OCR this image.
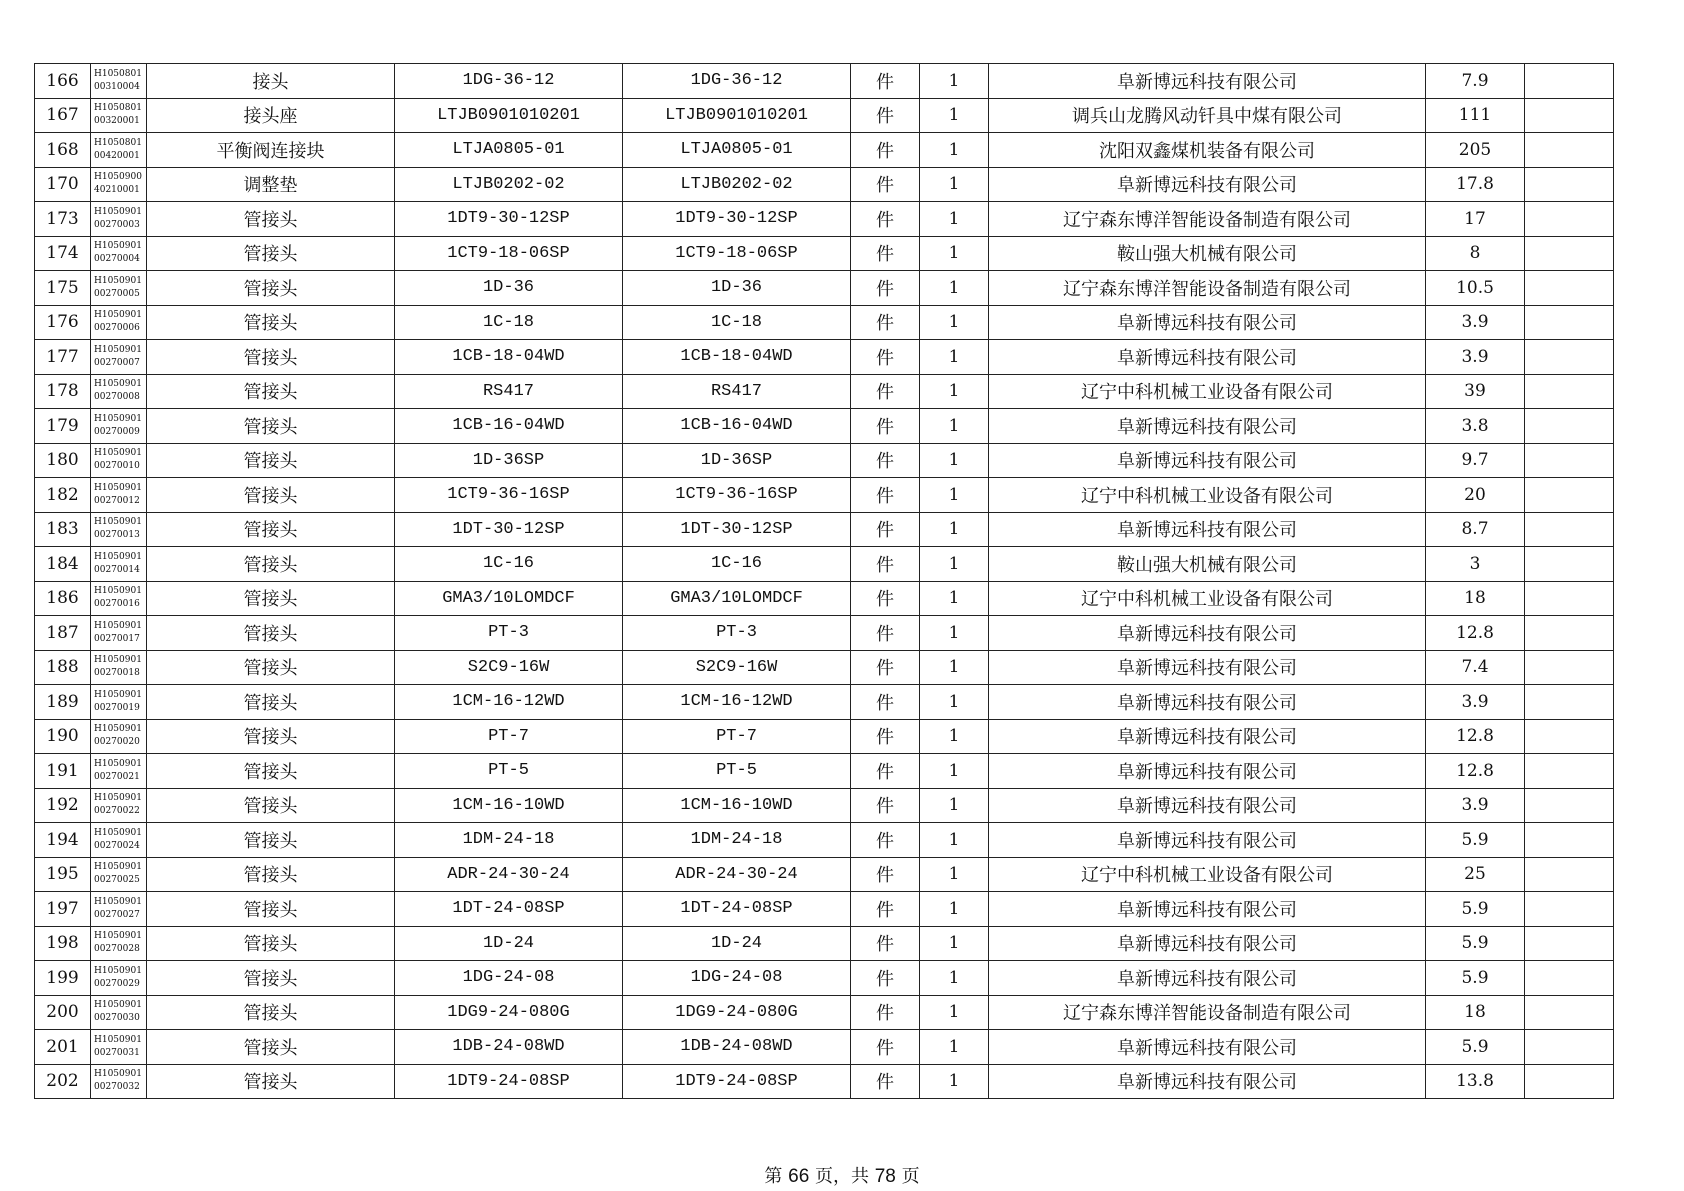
166	H1050801 00310004	接头	1DG-36-12	1DG-36-12	件	1	阜新博远科技有限公司	7.9	
167	H1050801 00320001	接头座	LTJB0901010201	LTJB0901010201	件	1	调兵山龙腾风动钎具中煤有限公司	111	
168	H1050801 00420001	平衡阀连接块	LTJA0805-01	LTJA0805-01	件	1	沈阳双鑫煤机装备有限公司	205	
170	H1050900 40210001	调整垫	LTJB0202-02	LTJB0202-02	件	1	阜新博远科技有限公司	17.8	
173	H1050901 00270003	管接头	1DT9-30-12SP	1DT9-30-12SP	件	1	辽宁森东博洋智能设备制造有限公司	17	
174	H1050901 00270004	管接头	1CT9-18-06SP	1CT9-18-06SP	件	1	鞍山强大机械有限公司	8	
175	H1050901 00270005	管接头	1D-36	1D-36	件	1	辽宁森东博洋智能设备制造有限公司	10.5	
176	H1050901 00270006	管接头	1C-18	1C-18	件	1	阜新博远科技有限公司	3.9	
177	H1050901 00270007	管接头	1CB-18-04WD	1CB-18-04WD	件	1	阜新博远科技有限公司	3.9	
178	H1050901 00270008	管接头	RS417	RS417	件	1	辽宁中科机械工业设备有限公司	39	
179	H1050901 00270009	管接头	1CB-16-04WD	1CB-16-04WD	件	1	阜新博远科技有限公司	3.8	
180	H1050901 00270010	管接头	1D-36SP	1D-36SP	件	1	阜新博远科技有限公司	9.7	
182	H1050901 00270012	管接头	1CT9-36-16SP	1CT9-36-16SP	件	1	辽宁中科机械工业设备有限公司	20	
183	H1050901 00270013	管接头	1DT-30-12SP	1DT-30-12SP	件	1	阜新博远科技有限公司	8.7	
184	H1050901 00270014	管接头	1C-16	1C-16	件	1	鞍山强大机械有限公司	3	
186	H1050901 00270016	管接头	GMA3/10LOMDCF	GMA3/10LOMDCF	件	1	辽宁中科机械工业设备有限公司	18	
187	H1050901 00270017	管接头	PT-3	PT-3	件	1	阜新博远科技有限公司	12.8	
188	H1050901 00270018	管接头	S2C9-16W	S2C9-16W	件	1	阜新博远科技有限公司	7.4	
189	H1050901 00270019	管接头	1CM-16-12WD	1CM-16-12WD	件	1	阜新博远科技有限公司	3.9	
190	H1050901 00270020	管接头	PT-7	PT-7	件	1	阜新博远科技有限公司	12.8	
191	H1050901 00270021	管接头	PT-5	PT-5	件	1	阜新博远科技有限公司	12.8	
192	H1050901 00270022	管接头	1CM-16-10WD	1CM-16-10WD	件	1	阜新博远科技有限公司	3.9	
194	H1050901 00270024	管接头	1DM-24-18	1DM-24-18	件	1	阜新博远科技有限公司	5.9	
195	H1050901 00270025	管接头	ADR-24-30-24	ADR-24-30-24	件	1	辽宁中科机械工业设备有限公司	25	
197	H1050901 00270027	管接头	1DT-24-08SP	1DT-24-08SP	件	1	阜新博远科技有限公司	5.9	
198	H1050901 00270028	管接头	1D-24	1D-24	件	1	阜新博远科技有限公司	5.9	
199	H1050901 00270029	管接头	1DG-24-08	1DG-24-08	件	1	阜新博远科技有限公司	5.9	
200	H1050901 00270030	管接头	1DG9-24-080G	1DG9-24-080G	件	1	辽宁森东博洋智能设备制造有限公司	18	
201	H1050901 00270031	管接头	1DB-24-08WD	1DB-24-08WD	件	1	阜新博远科技有限公司	5.9	
202	H1050901 00270032	管接头	1DT9-24-08SP	1DT9-24-08SP	件	1	阜新博远科技有限公司	13.8	
第 66 页，共 78 页
